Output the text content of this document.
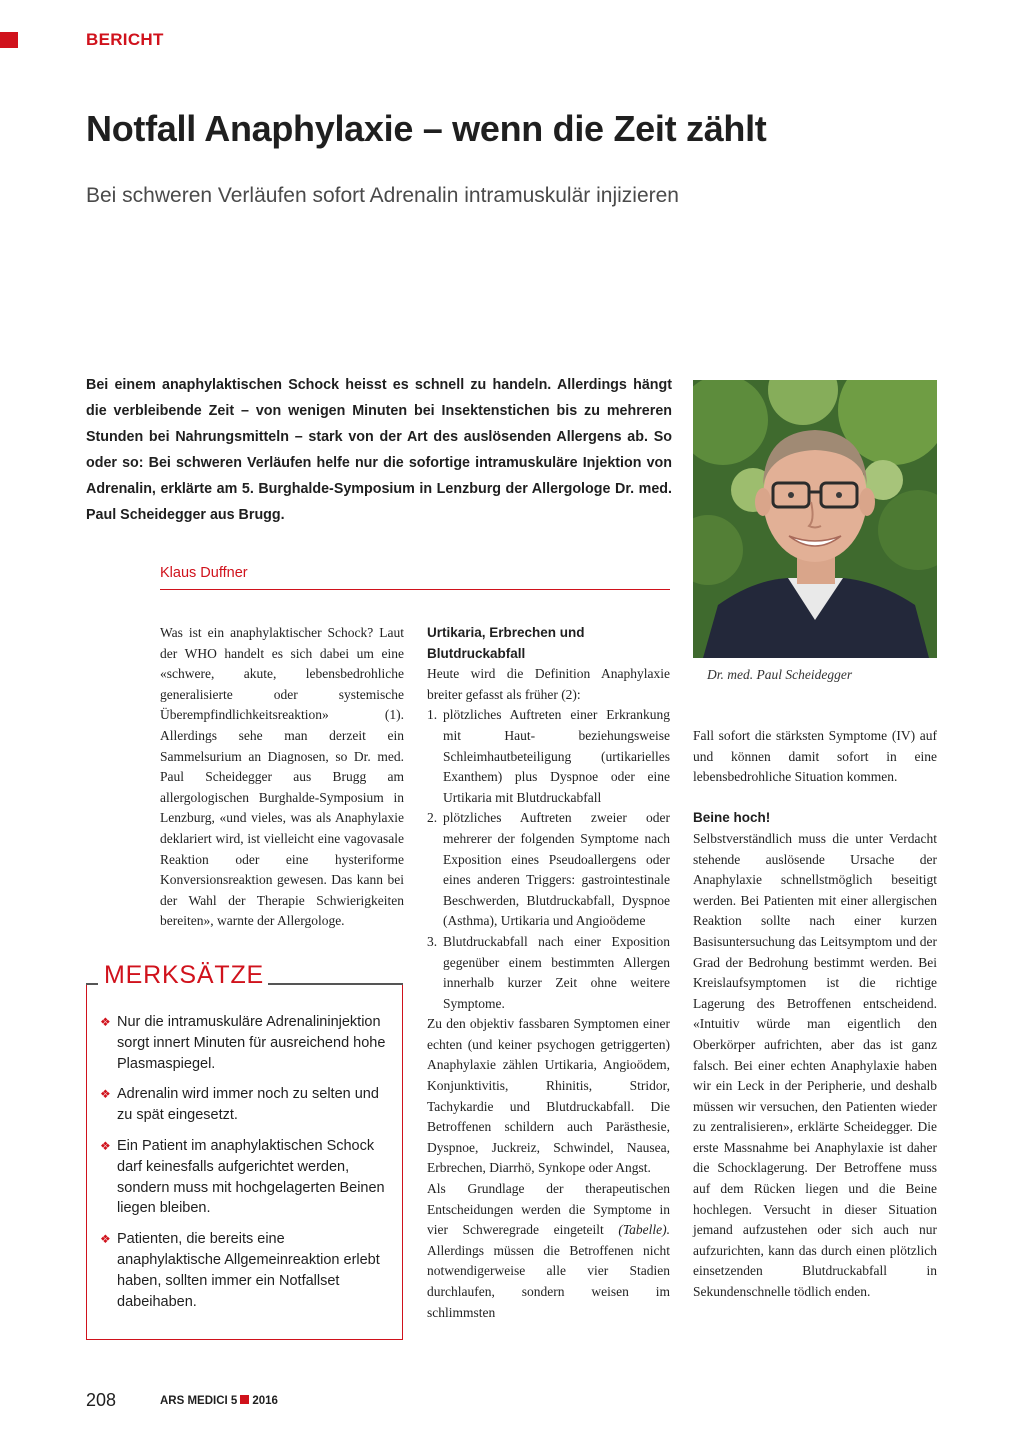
BERICHT
Notfall Anaphylaxie – wenn die Zeit zählt
Bei schweren Verläufen sofort Adrenalin intramuskulär injizieren
Bei einem anaphylaktischen Schock heisst es schnell zu handeln. Allerdings hängt die verbleibende Zeit – von wenigen Minuten bei Insektenstichen bis zu mehreren Stunden bei Nahrungsmitteln – stark von der Art des auslösenden Allergens ab. So oder so: Bei schweren Verläufen helfe nur die sofortige intramuskuläre Injektion von Adrenalin, erklärte am 5. Burghalde-Symposium in Lenzburg der Allergologe Dr. med. Paul Scheidegger aus Brugg.
Klaus Duffner
Dr. med. Paul Scheidegger

Was ist ein anaphylaktischer Schock? Laut der WHO handelt es sich dabei um eine «schwere, akute, lebensbedrohliche generalisierte oder systemische Überempfindlichkeitsreaktion» (1). Allerdings sehe man derzeit ein Sammelsurium an Diagnosen, so Dr. med. Paul Scheidegger aus Brugg am allergologischen Burghalde-Symposium in Lenzburg, «und vieles, was als Anaphylaxie deklariert wird, ist vielleicht eine vagovasale Reaktion oder eine hysteriforme Konversionsreaktion gewesen. Das kann bei der Wahl der Therapie Schwierigkeiten bereiten», warnte der Allergologe.

Urtikaria, Erbrechen und Blutdruckabfall

Heute wird die Definition Anaphylaxie breiter gefasst als früher (2):

1. plötzliches Auftreten einer Erkrankung mit Haut- beziehungsweise Schleimhautbeteiligung (urtikarielles Exanthem) plus Dyspnoe oder eine Urtikaria mit Blutdruckabfall
2. plötzliches Auftreten zweier oder mehrerer der folgenden Symptome nach Exposition eines Pseudoallergens oder eines anderen Triggers: gastrointestinale Beschwerden, Blutdruckabfall, Dyspnoe (Asthma), Urtikaria und Angioödeme
3. Blutdruckabfall nach einer Exposition gegenüber einem bestimmten Allergen innerhalb kurzer Zeit ohne weitere Symptome.

Zu den objektiv fassbaren Symptomen einer echten (und keiner psychogen getriggerten) Anaphylaxie zählen Urtikaria, Angioödem, Konjunktivitis, Rhinitis, Stridor, Tachykardie und Blutdruckabfall. Die Betroffenen schildern auch Parästhesie, Dyspnoe, Juckreiz, Schwindel, Nausea, Erbrechen, Diarrhö, Synkope oder Angst.

Als Grundlage der therapeutischen Entscheidungen werden die Symptome in vier Schweregrade eingeteilt (Tabelle). Allerdings müssen die Betroffenen nicht notwendigerweise alle vier Stadien durchlaufen, sondern weisen im schlimmsten

Fall sofort die stärksten Symptome (IV) auf und können damit sofort in eine lebensbedrohliche Situation kommen.

Beine hoch!

Selbstverständlich muss die unter Verdacht stehende auslösende Ursache der Anaphylaxie schnellstmöglich beseitigt werden. Bei Patienten mit einer allergischen Reaktion sollte nach einer kurzen Basisuntersuchung das Leitsymptom und der Grad der Bedrohung bestimmt werden. Bei Kreislaufsymptomen ist die richtige Lagerung des Betroffenen entscheidend. «Intuitiv würde man eigentlich den Oberkörper aufrichten, aber das ist ganz falsch. Bei einer echten Anaphylaxie haben wir ein Leck in der Peripherie, und deshalb müssen wir versuchen, den Patienten wieder zu zentralisieren», erklärte Scheidegger. Die erste Massnahme bei Anaphylaxie ist daher die Schocklagerung. Der Betroffene muss auf dem Rücken liegen und die Beine hochlegen. Versucht in dieser Situation jemand aufzustehen oder sich auch nur aufzurichten, kann das durch einen plötzlich einsetzenden Blutdruckabfall in Sekundenschnelle tödlich enden.

MERKSÄTZE
❖ Nur die intramuskuläre Adrenalininjektion sorgt innert Minuten für ausreichend hohe Plasmaspiegel.
❖ Adrenalin wird immer noch zu selten und zu spät eingesetzt.
❖ Ein Patient im anaphylaktischen Schock darf keinesfalls aufgerichtet werden, sondern muss mit hochgelagerten Beinen liegen bleiben.
❖ Patienten, die bereits eine anaphylaktische Allgemeinreaktion erlebt haben, sollten immer ein Notfallset dabeihaben.
208	ARS MEDICI 5 2016
